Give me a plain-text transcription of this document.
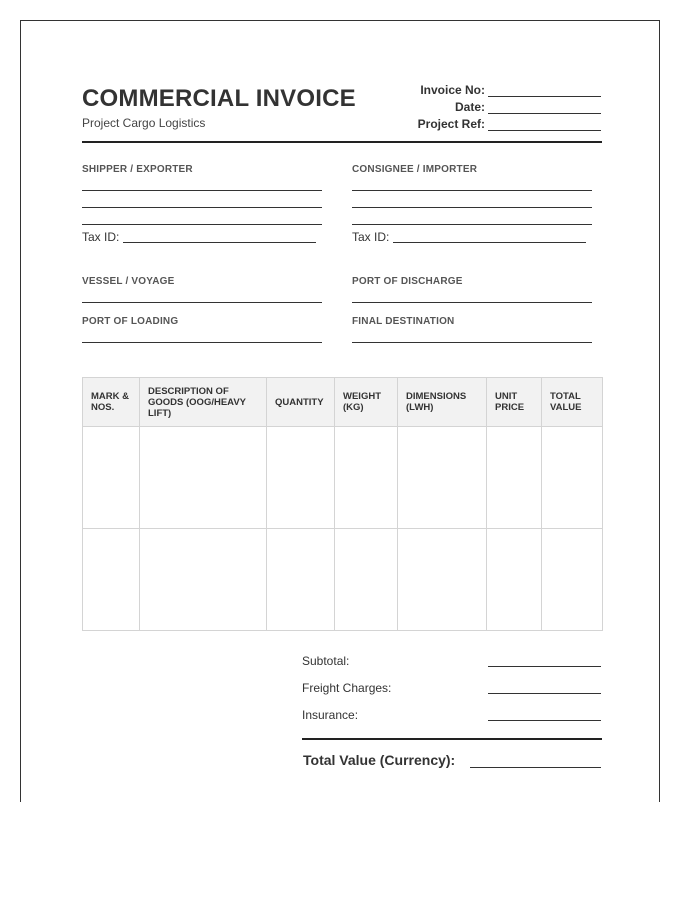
COMMERCIAL INVOICE
Project Cargo Logistics
Invoice No:
Date:
Project Ref:
SHIPPER / EXPORTER
Tax ID:
CONSIGNEE / IMPORTER
Tax ID:
VESSEL / VOYAGE	PORT OF DISCHARGE
PORT OF LOADING	FINAL DESTINATION
MARK & NOS.	DESCRIPTION OF GOODS (OOG/HEAVY LIFT)	QUANTITY	WEIGHT (KG)	DIMENSIONS (LWH)	UNIT PRICE	TOTAL VALUE

Subtotal:
Freight Charges:
Insurance:
Total Value (Currency):
